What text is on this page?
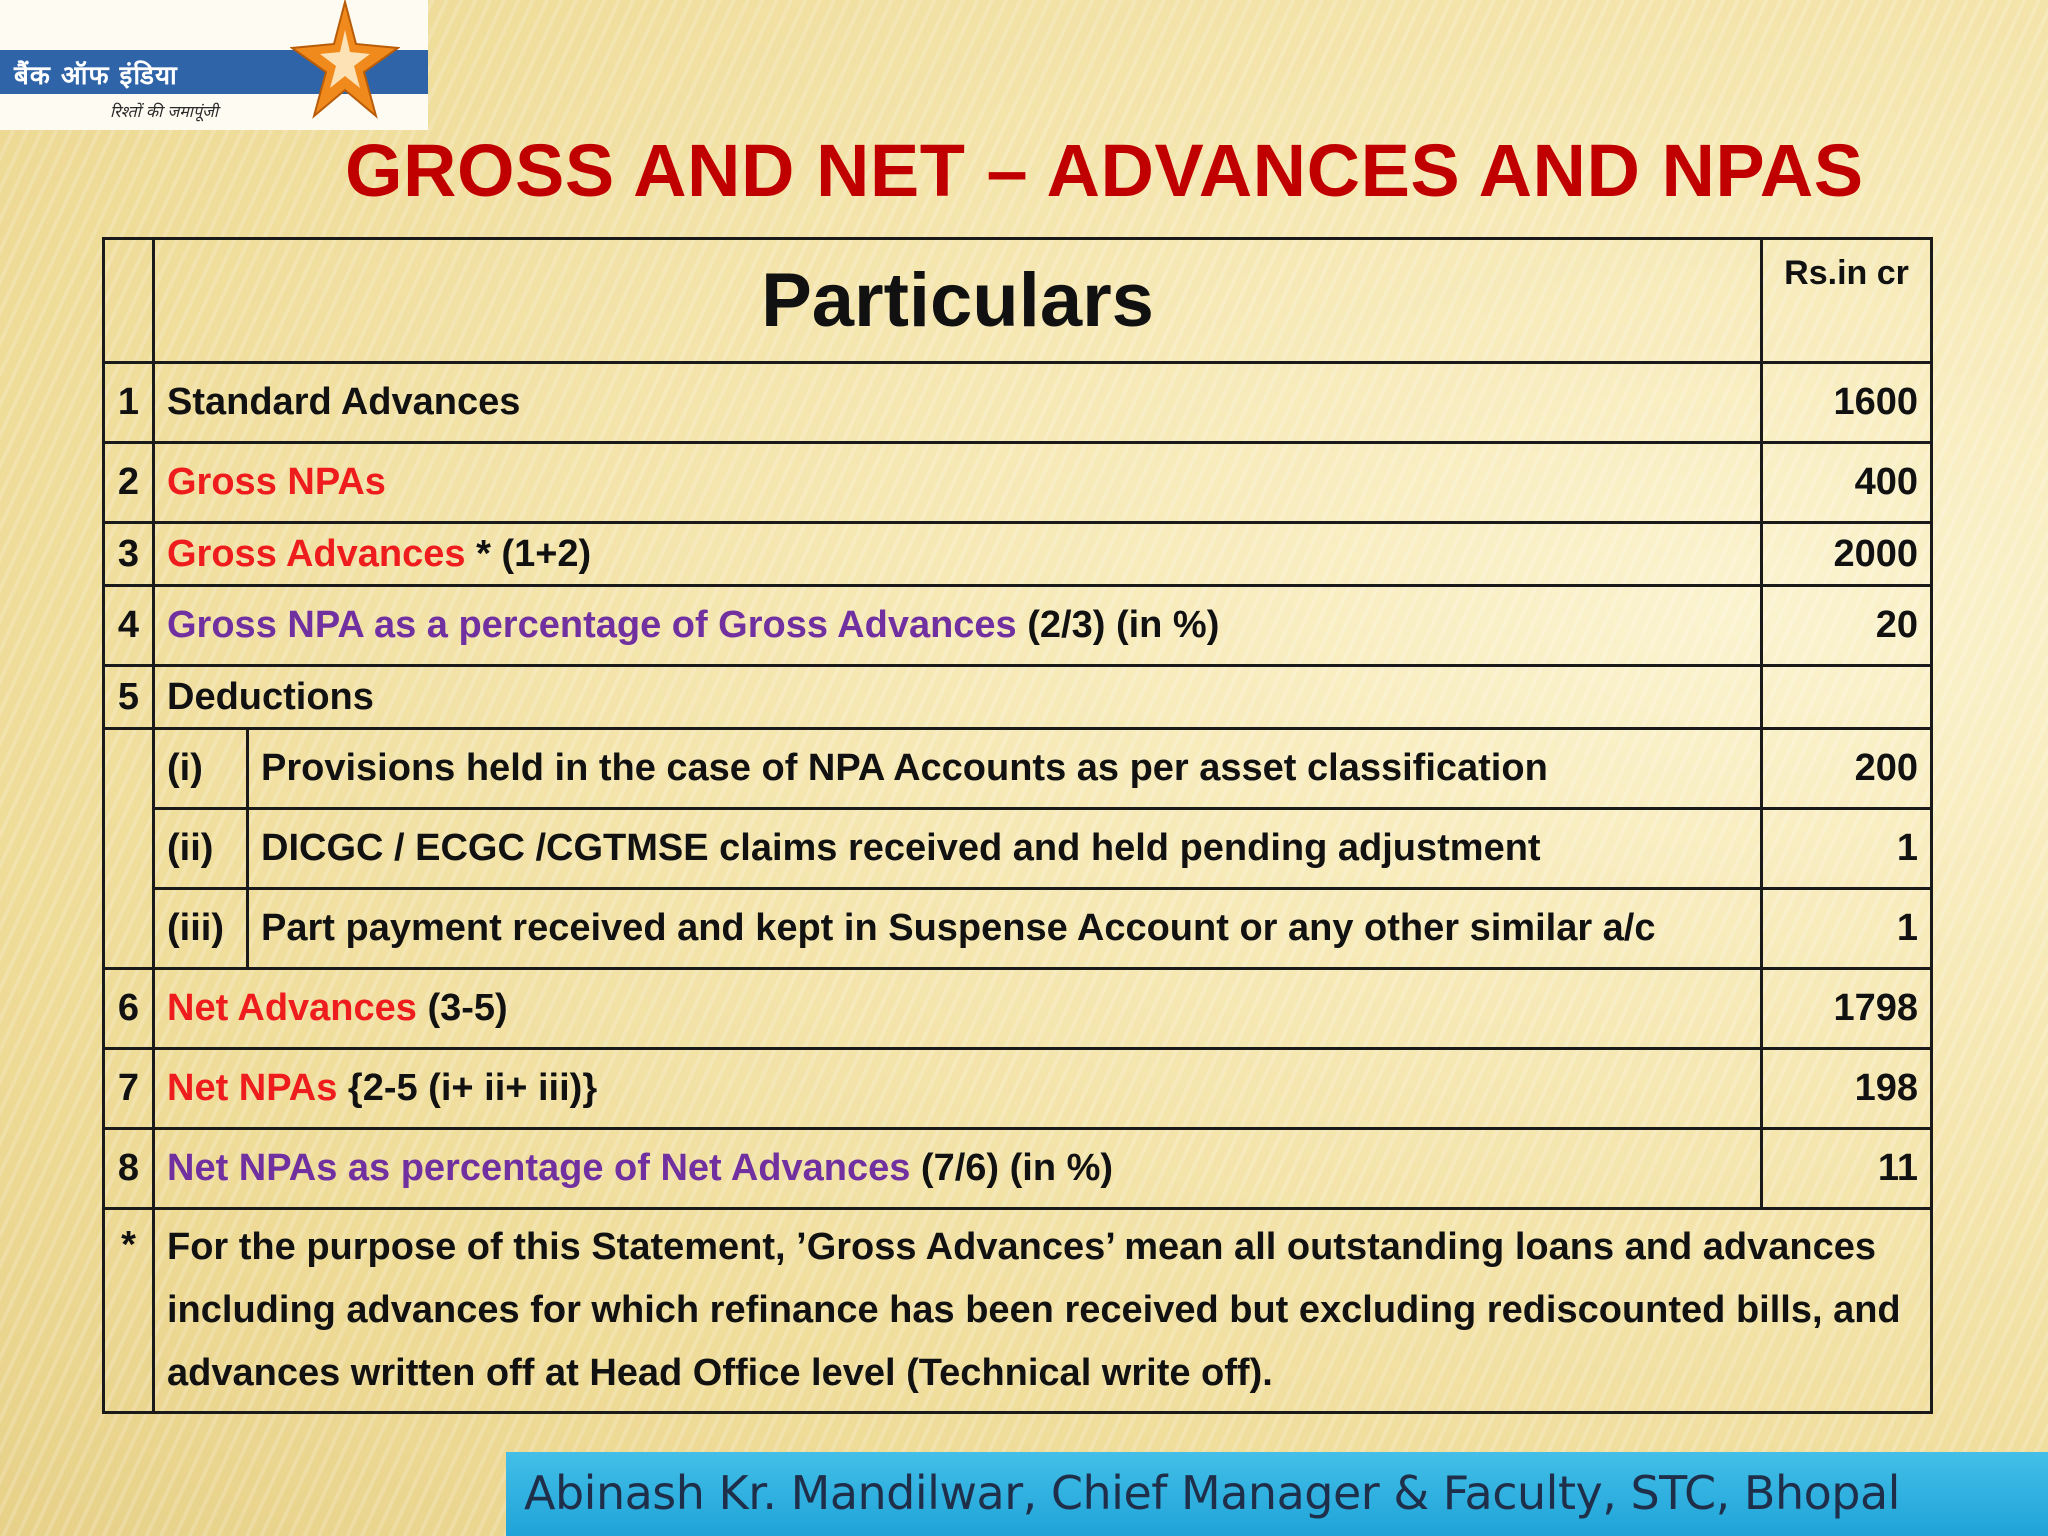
बैंक ऑफ इंडिया
रिश्तों की जमापूंजी
GROSS AND NET – ADVANCES AND NPAS
	Particulars		Rs.in cr
1	Standard Advances		1600
2	Gross NPAs		400
3	Gross Advances * (1+2)		2000
4	Gross NPA as a percentage of Gross Advances (2/3) (in %)		20
5	Deductions		
	(i)	Provisions held in the case of NPA Accounts as per asset classification	200
	(ii)	DICGC / ECGC /CGTMSE claims received and held pending adjustment	1
	(iii)	Part payment received and kept in Suspense Account or any other similar a/c	1
6	Net Advances (3-5)		1798
7	Net NPAs {2-5 (i+ ii+ iii)}		198
8	Net NPAs as percentage of Net Advances (7/6) (in %)		11
*	For the purpose of this Statement, ’Gross Advances’ mean all outstanding loans and advances including advances for which refinance has been received but excluding rediscounted bills, and advances written off at Head Office level (Technical write off).		
Abinash Kr. Mandilwar, Chief Manager & Faculty, STC, Bhopal
